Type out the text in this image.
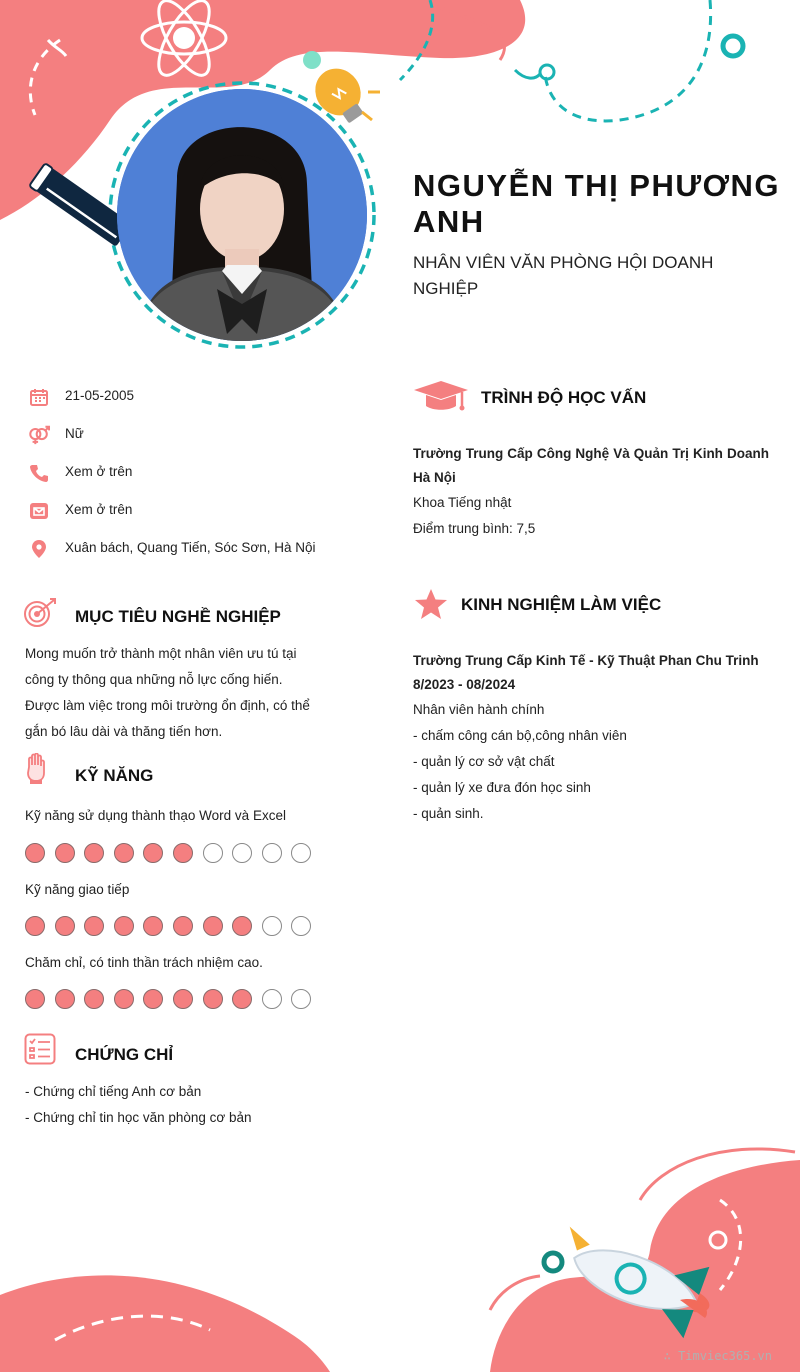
NGUYỄN THỊ PHƯƠNG ANH
NHÂN VIÊN VĂN PHÒNG HỘI DOANH NGHIỆP
21-05-2005
Nữ
Xem ở trên
Xem ở trên
Xuân bách, Quang Tiến, Sóc Sơn, Hà Nội
MỤC TIÊU NGHỀ NGHIỆP
Mong muốn trở thành một nhân viên ưu tú tại
công ty thông qua những nỗ lực cống hiến.
Được làm việc trong môi trường ổn định, có thể
gắn bó lâu dài và thăng tiến hơn.
KỸ NĂNG
Kỹ năng sử dụng thành thạo Word và Excel
Kỹ năng giao tiếp
Chăm chỉ, có tinh thần trách nhiệm cao.
CHỨNG CHỈ
- Chứng chỉ tiếng Anh cơ bản
- Chứng chỉ tin học văn phòng cơ bản
TRÌNH ĐỘ HỌC VẤN
Trường Trung Cấp Công Nghệ Và Quản Trị Kinh Doanh
Hà Nội
Khoa Tiếng nhật
Điểm trung bình: 7,5
KINH NGHIỆM LÀM VIỆC
Trường Trung Cấp Kinh Tế - Kỹ Thuật Phan Chu Trinh
8/2023 - 08/2024
Nhân viên hành chính
- chấm công cán bộ,công nhân viên
- quản lý cơ sở vật chất
- quản lý xe đưa đón học sinh
- quản sinh.
∴ Timviec365.vn
